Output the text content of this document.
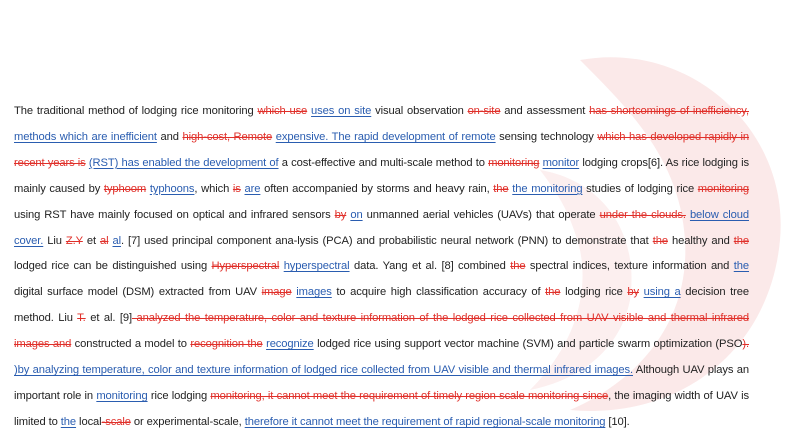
The traditional method of lodging rice monitoring which use uses on site visual observation on-site and assessment has shortcomings of inefficiency, methods which are inefficient and high-cost, Remote expensive. The rapid development of remote sensing technology which has developed rapidly in recent years is (RST) has enabled the development of a cost-effective and multi-scale method to monitoring monitor lodging crops[6]. As rice lodging is mainly caused by typhoom typhoons, which is are often accompanied by storms and heavy rain, the the monitoring studies of lodging rice monitoring using RST have mainly focused on optical and infrared sensors by on unmanned aerial vehicles (UAVs) that operate under the clouds. below cloud cover. Liu Z.Y et al al. [7] used principal component ana-lysis (PCA) and probabilistic neural network (PNN) to demonstrate that the healthy and the lodged rice can be distinguished using Hyperspectral hyperspectral data. Yang et al. [8] combined the spectral indices, texture information and the digital surface model (DSM) extracted from UAV image images to acquire high classification accuracy of the lodging rice by using a decision tree method. Liu T. et al. [9] analyzed the temperature, color and texture information of the lodged rice collected from UAV visible and thermal infrared images and constructed a model to recognition the recognize lodged rice using support vector machine (SVM) and particle swarm optimization (PSO). )by analyzing temperature, color and texture information of lodged rice collected from UAV visible and thermal infrared images. Although UAV plays an important role in monitoring rice lodging monitoring, it cannot meet the requirement of timely region scale monitoring since, the imaging width of UAV is limited to the local-scale or experimental-scale, therefore it cannot meet the requirement of rapid regional-scale monitoring [10].
